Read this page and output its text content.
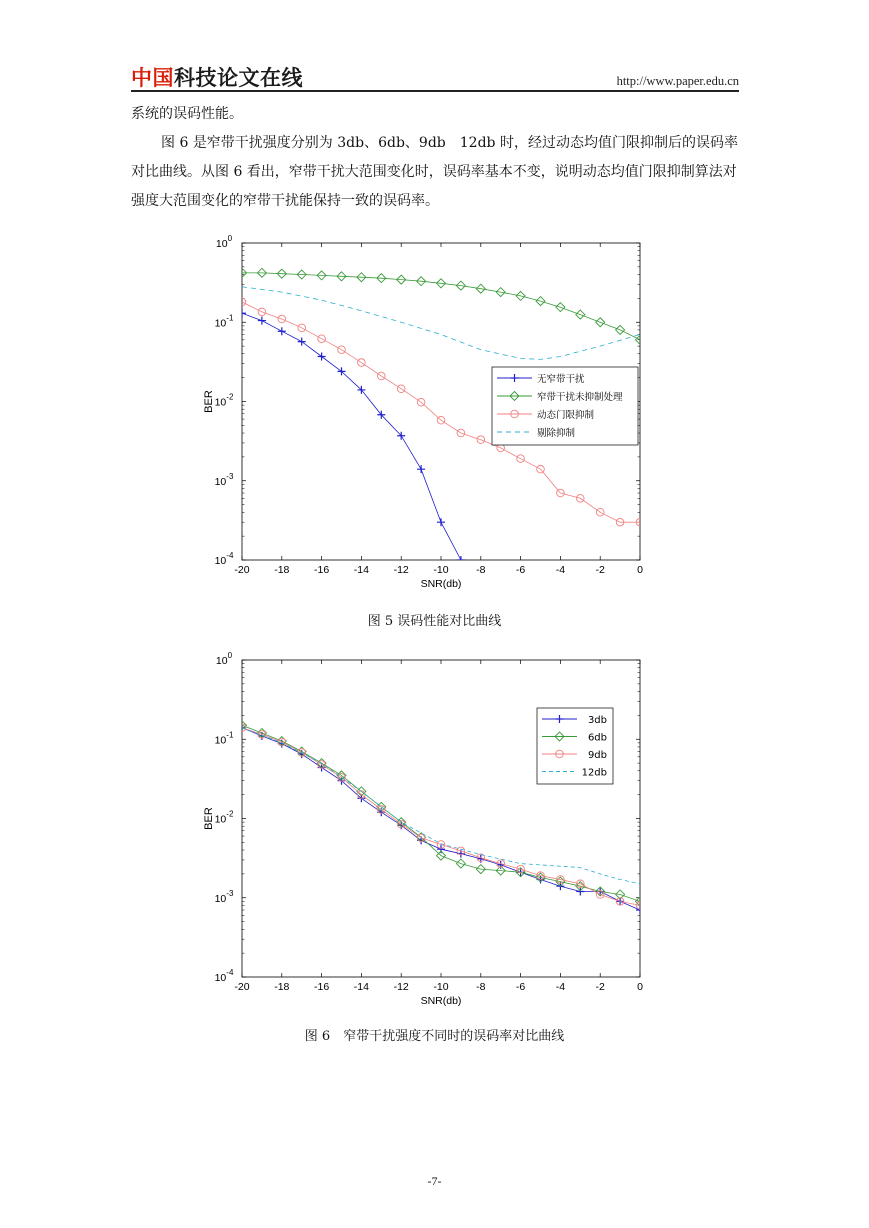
中国科技论文在线	http://www.paper.edu.cn

系统的误码性能。

图 6 是窄带干扰强度分别为 3db、6db、9db　12db 时，经过动态均值门限抑制后的误码率对比曲线。从图 6 看出，窄带干扰大范围变化时，误码率基本不变，说明动态均值门限抑制算法对强度大范围变化的窄带干扰能保持一致的误码率。

-20 -18 -16 -14 -12 -10	-8	-6	-4	-2	0
$10^0$
$10^{-1}$
$10^{-2}$
$10^{-3}$
$10^{-4}$
SNR(db)
BER
无窄带干扰
窄带干扰未抑制处理
动态门限抑制
剔除抑制
图 5 误码性能对比曲线
-20 -18 -16 -14 -12 -10	-8	-6	-4	-2	0
$10^0$
$10^{-1}$
$10^{-2}$
$10^{-3}$
$10^{-4}$
SNR(db)
BER
3db
6db
9db
12db
图 6　窄带干扰强度不同时的误码率对比曲线
-7-
